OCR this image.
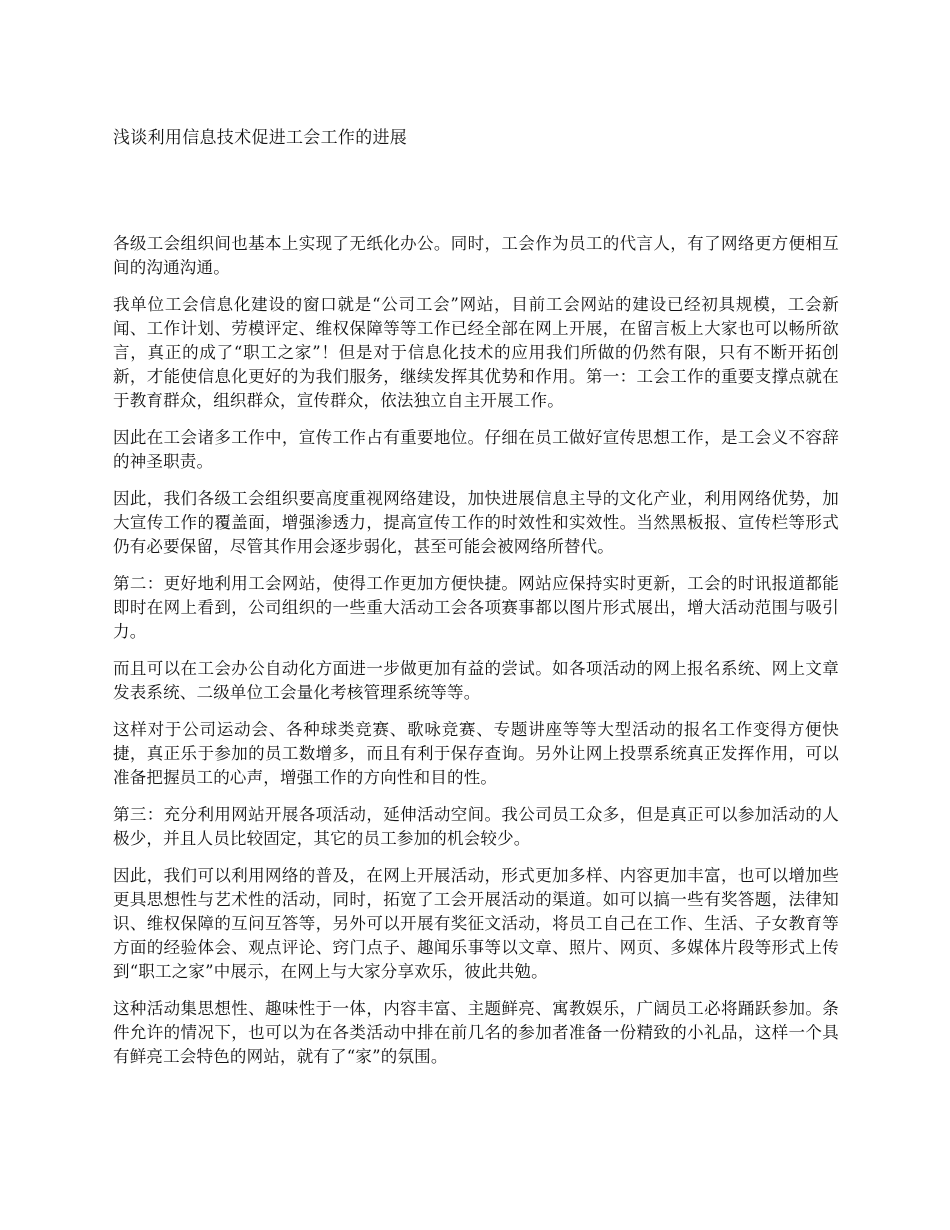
浅谈利用信息技术促进工会工作的进展

各级工会组织间也基本上实现了无纸化办公。同时，工会作为员工的代言人，有了网络更方便相互间的沟通沟通。

我单位工会信息化建设的窗口就是“公司工会”网站，目前工会网站的建设已经初具规模，工会新闻、工作计划、劳模评定、维权保障等等工作已经全部在网上开展，在留言板上大家也可以畅所欲言，真正的成了“职工之家”！但是对于信息化技术的应用我们所做的仍然有限，只有不断开拓创新，才能使信息化更好的为我们服务，继续发挥其优势和作用。第一：工会工作的重要支撑点就在于教育群众，组织群众，宣传群众，依法独立自主开展工作。

因此在工会诸多工作中，宣传工作占有重要地位。仔细在员工做好宣传思想工作，是工会义不容辞的神圣职责。

因此，我们各级工会组织要高度重视网络建设，加快进展信息主导的文化产业，利用网络优势，加大宣传工作的覆盖面，增强渗透力，提高宣传工作的时效性和实效性。当然黑板报、宣传栏等形式仍有必要保留，尽管其作用会逐步弱化，甚至可能会被网络所替代。

第二：更好地利用工会网站，使得工作更加方便快捷。网站应保持实时更新，工会的时讯报道都能即时在网上看到，公司组织的一些重大活动工会各项赛事都以图片形式展出，增大活动范围与吸引力。

而且可以在工会办公自动化方面进一步做更加有益的尝试。如各项活动的网上报名系统、网上文章发表系统、二级单位工会量化考核管理系统等等。

这样对于公司运动会、各种球类竞赛、歌咏竞赛、专题讲座等等大型活动的报名工作变得方便快捷，真正乐于参加的员工数增多，而且有利于保存查询。另外让网上投票系统真正发挥作用，可以准备把握员工的心声，增强工作的方向性和目的性。

第三：充分利用网站开展各项活动，延伸活动空间。我公司员工众多，但是真正可以参加活动的人极少，并且人员比较固定，其它的员工参加的机会较少。

因此，我们可以利用网络的普及，在网上开展活动，形式更加多样、内容更加丰富，也可以增加些更具思想性与艺术性的活动，同时，拓宽了工会开展活动的渠道。如可以搞一些有奖答题，法律知识、维权保障的互问互答等，另外可以开展有奖征文活动，将员工自己在工作、生活、子女教育等方面的经验体会、观点评论、窍门点子、趣闻乐事等以文章、照片、网页、多媒体片段等形式上传到“职工之家”中展示，在网上与大家分享欢乐，彼此共勉。

这种活动集思想性、趣味性于一体，内容丰富、主题鲜亮、寓教娱乐，广阔员工必将踊跃参加。条件允许的情况下，也可以为在各类活动中排在前几名的参加者准备一份精致的小礼品，这样一个具有鲜亮工会特色的网站，就有了“家”的氛围。
